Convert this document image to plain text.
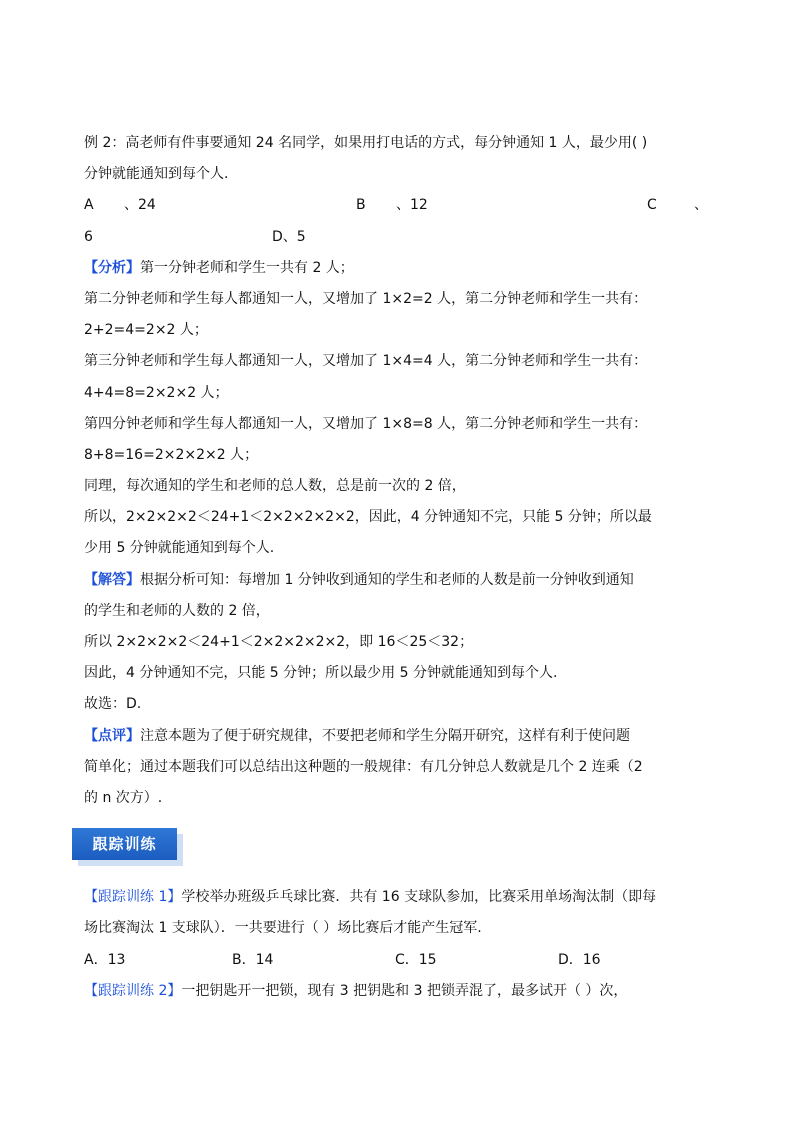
例 2：高老师有件事要通知 24 名同学，如果用打电话的方式，每分钟通知 1 人，最少用( )
分钟就能通知到每个人.
A 、24	B 、12	C	、
6	D、5
【分析】第一分钟老师和学生一共有 2 人；
第二分钟老师和学生每人都通知一人，又增加了 1×2=2 人，第二分钟老师和学生一共有：
2+2=4=2×2 人；
第三分钟老师和学生每人都通知一人，又增加了 1×4=4 人，第二分钟老师和学生一共有：
4+4=8=2×2×2 人；
第四分钟老师和学生每人都通知一人，又增加了 1×8=8 人，第二分钟老师和学生一共有：
8+8=16=2×2×2×2 人；
同理，每次通知的学生和老师的总人数，总是前一次的 2 倍，
所以，2×2×2×2＜24+1＜2×2×2×2×2，因此，4 分钟通知不完，只能 5 分钟；所以最
少用 5 分钟就能通知到每个人.
【解答】根据分析可知：每增加 1 分钟收到通知的学生和老师的人数是前一分钟收到通知
的学生和老师的人数的 2 倍，
所以 2×2×2×2＜24+1＜2×2×2×2×2，即 16＜25＜32；
因此，4 分钟通知不完，只能 5 分钟；所以最少用 5 分钟就能通知到每个人.
故选：D.
【点评】注意本题为了便于研究规律，不要把老师和学生分隔开研究，这样有利于使问题
简单化；通过本题我们可以总结出这种题的一般规律：有几分钟总人数就是几个 2 连乘（2
的 n 次方）.
跟踪训练
【跟踪训练 1】学校举办班级乒乓球比赛．共有 16 支球队参加，比赛采用单场淘汰制（即每
场比赛淘汰 1 支球队）．一共要进行（ ）场比赛后才能产生冠军.
A．13	B．14	C．15	D．16
【跟踪训练 2】一把钥匙开一把锁，现有 3 把钥匙和 3 把锁弄混了，最多试开（ ）次，
